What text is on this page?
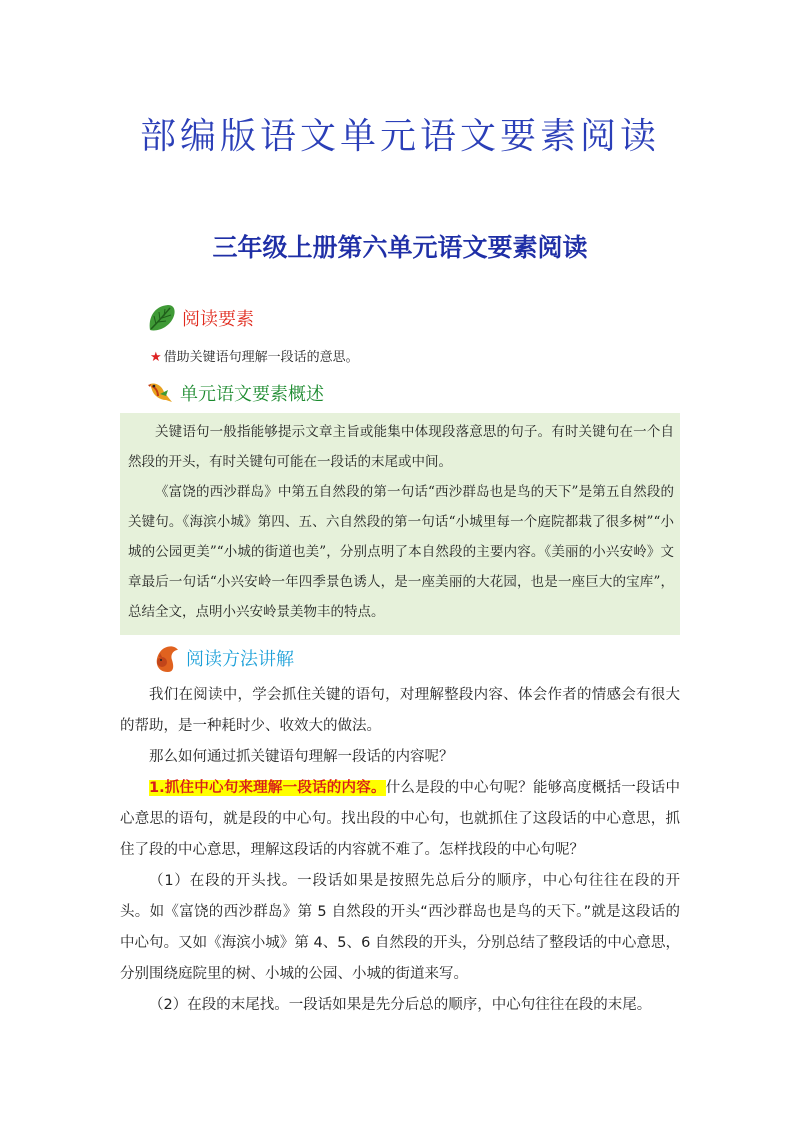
部编版语文单元语文要素阅读
三年级上册第六单元语文要素阅读
阅读要素
★ 借助关键语句理解一段话的意思。
单元语文要素概述

关键语句一般指能够提示文章主旨或能集中体现段落意思的句子。有时关键句在一个自然段的开头，有时关键句可能在一段话的末尾或中间。

《富饶的西沙群岛》中第五自然段的第一句话“西沙群岛也是鸟的天下”是第五自然段的关键句。《海滨小城》第四、五、六自然段的第一句话“小城里每一个庭院都栽了很多树”“小城的公园更美”“小城的街道也美”，分别点明了本自然段的主要内容。《美丽的小兴安岭》文章最后一句话“小兴安岭一年四季景色诱人，是一座美丽的大花园，也是一座巨大的宝库”，总结全文，点明小兴安岭景美物丰的特点。

阅读方法讲解

我们在阅读中，学会抓住关键的语句，对理解整段内容、体会作者的情感会有很大的帮助，是一种耗时少、收效大的做法。

那么如何通过抓关键语句理解一段话的内容呢？

1.抓住中心句来理解一段话的内容。什么是段的中心句呢？能够高度概括一段话中心意思的语句，就是段的中心句。找出段的中心句，也就抓住了这段话的中心意思，抓住了段的中心意思，理解这段话的内容就不难了。怎样找段的中心句呢？

（1）在段的开头找。一段话如果是按照先总后分的顺序，中心句往往在段的开头。如《富饶的西沙群岛》第 5 自然段的开头“西沙群岛也是鸟的天下。”就是这段话的中心句。又如《海滨小城》第 4、5、6 自然段的开头，分别总结了整段话的中心意思，分别围绕庭院里的树、小城的公园、小城的街道来写。

（2）在段的末尾找。一段话如果是先分后总的顺序，中心句往往在段的末尾。
